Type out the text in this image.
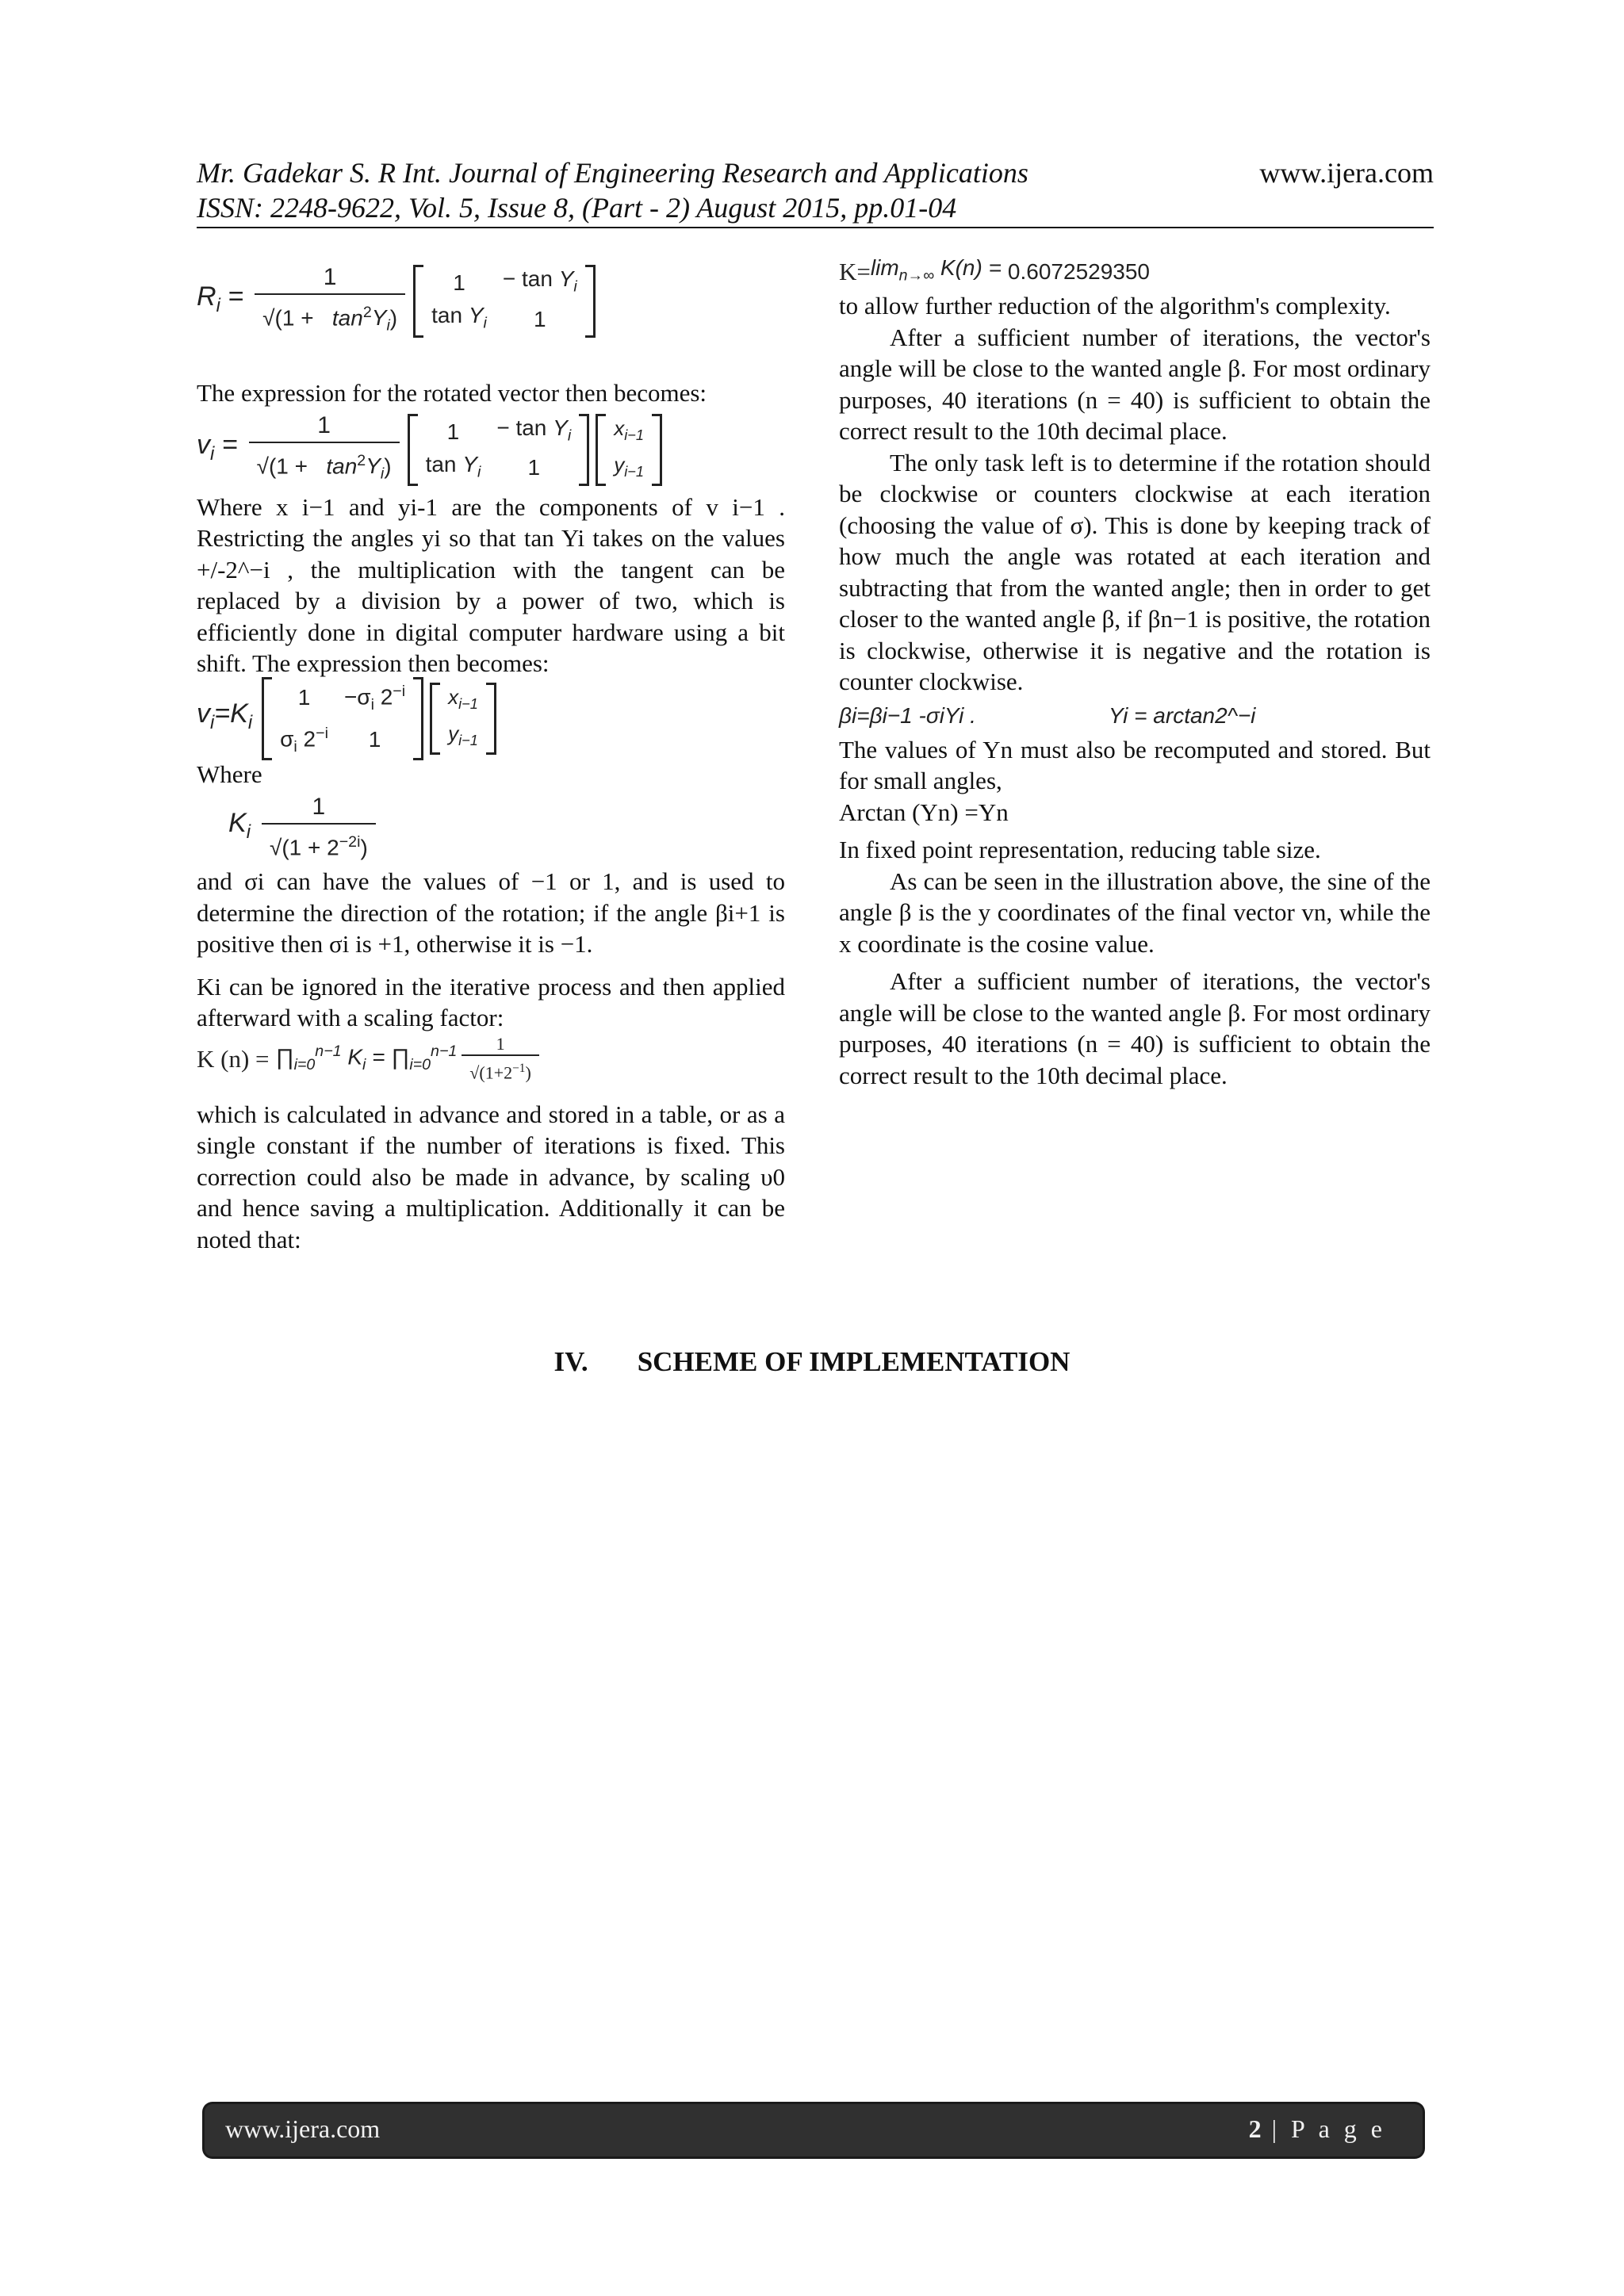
Mr. Gadekar S. R Int. Journal of Engineering Research and Applications	www.ijera.com
ISSN: 2248-9622, Vol. 5, Issue 8, (Part - 2) August 2015, pp.01-04
$R_i = \frac{1}{√(1 + \tan^2Y_i)} 1$	− $\tan Y_i$
$\tan Y_i$	1

The expression for the rotated vector then becomes:

$v_i = \frac{1}{√(1 + \tan^2Y_i)} 1$	− $\tan Y_i$
$\tan Y_i$	1
$x_{i-1}$
$y_{i-1}$

Where x i−1 and yi-1 are the components of v i−1 . Restricting the angles yi so that tan Yi takes on the values +/-2^−i , the multiplication with the tangent can be replaced by a division by a power of two, which is efficiently done in digital computer hardware using a bit shift. The expression then becomes:

$v_i=K_i$
1	$-\sigma_i$ $2^{-i}$
$\sigma_i$ $2^{-i}$	1
$x_{i-1}$
$y_{i-1}$

Where

$K_i \frac{1}{√(1 + 2^{-2i})}$

and σi can have the values of −1 or 1, and is used to determine the direction of the rotation; if the angle βi+1 is positive then σi is +1, otherwise it is −1.

Ki can be ignored in the iterative process and then applied afterward with a scaling factor:

K $(n) = \prod_{i=0}^{n-1}$ $K_i$ = $\prod_{i=0}^{n-1} \frac{1}{√(1+2^{-1})}$

which is calculated in advance and stored in a table, or as a single constant if the number of iterations is fixed. This correction could also be made in advance, by scaling υ0 and hence saving a multiplication. Additionally it can be noted that:

$K= \lim_{n\to\infty} K(n) = 0.6072529350$

to allow further reduction of the algorithm's complexity.

After a sufficient number of iterations, the vector's angle will be close to the wanted angle β. For most ordinary purposes, 40 iterations (n = 40) is sufficient to obtain the correct result to the 10th decimal place.

The only task left is to determine if the rotation should be clockwise or counters clockwise at each iteration (choosing the value of σ). This is done by keeping track of how much the angle was rotated at each iteration and subtracting that from the wanted angle; then in order to get closer to the wanted angle β, if βn−1 is positive, the rotation is clockwise, otherwise it is negative and the rotation is counter clockwise.

βi=βi−1 -σiYi .	Yi = arctan2^−i

The values of Yn must also be recomputed and stored. But for small angles,

Arctan (Yn) =Yn

In fixed point representation, reducing table size.

As can be seen in the illustration above, the sine of the angle β is the y coordinates of the final vector vn, while the x coordinate is the cosine value.

After a sufficient number of iterations, the vector's angle will be close to the wanted angle β. For most ordinary purposes, 40 iterations (n = 40) is sufficient to obtain the correct result to the 10th decimal place.

IV. SCHEME OF IMPLEMENTATION
www.ijera.com	2 | P a g e
